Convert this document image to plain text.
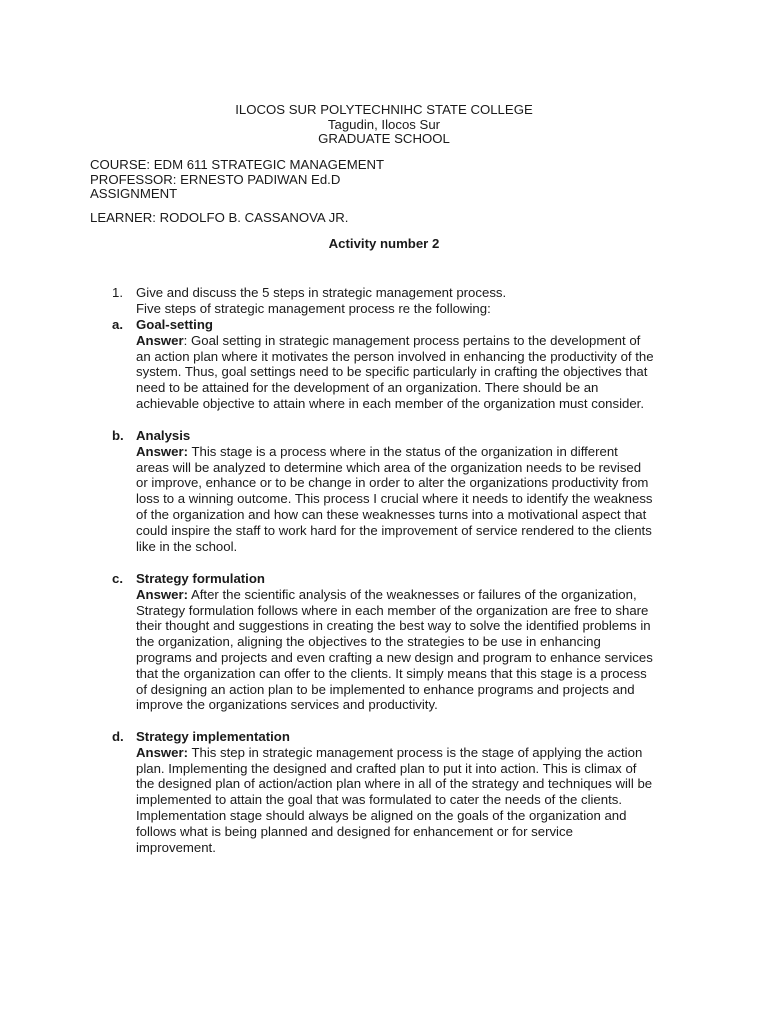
ILOCOS SUR POLYTECHNIHC STATE COLLEGE
Tagudin, Ilocos Sur
GRADUATE SCHOOL
COURSE: EDM 611 STRATEGIC MANAGEMENT
PROFESSOR: ERNESTO PADIWAN Ed.D
ASSIGNMENT
LEARNER: RODOLFO B. CASSANOVA JR.
Activity number 2
1. Give and discuss the 5 steps in strategic management process.
Five steps of strategic management process re the following:
a. Goal-setting
Answer: Goal setting in strategic management process pertains to the development of
an action plan where it motivates the person involved in enhancing the productivity of the
system. Thus, goal settings need to be specific particularly in crafting the objectives that
need to be attained for the development of an organization. There should be an
achievable objective to attain where in each member of the organization must consider.
b. Analysis
Answer: This stage is a process where in the status of the organization in different
areas will be analyzed to determine which area of the organization needs to be revised
or improve, enhance or to be change in order to alter the organizations productivity from
loss to a winning outcome. This process I crucial where it needs to identify the weakness
of the organization and how can these weaknesses turns into a motivational aspect that
could inspire the staff to work hard for the improvement of service rendered to the clients
like in the school.
c. Strategy formulation
Answer: After the scientific analysis of the weaknesses or failures of the organization,
Strategy formulation follows where in each member of the organization are free to share
their thought and suggestions in creating the best way to solve the identified problems in
the organization, aligning the objectives to the strategies to be use in enhancing
programs and projects and even crafting a new design and program to enhance services
that the organization can offer to the clients. It simply means that this stage is a process
of designing an action plan to be implemented to enhance programs and projects and
improve the organizations services and productivity.
d. Strategy implementation
Answer: This step in strategic management process is the stage of applying the action
plan. Implementing the designed and crafted plan to put it into action. This is climax of
the designed plan of action/action plan where in all of the strategy and techniques will be
implemented to attain the goal that was formulated to cater the needs of the clients.
Implementation stage should always be aligned on the goals of the organization and
follows what is being planned and designed for enhancement or for service
improvement.
